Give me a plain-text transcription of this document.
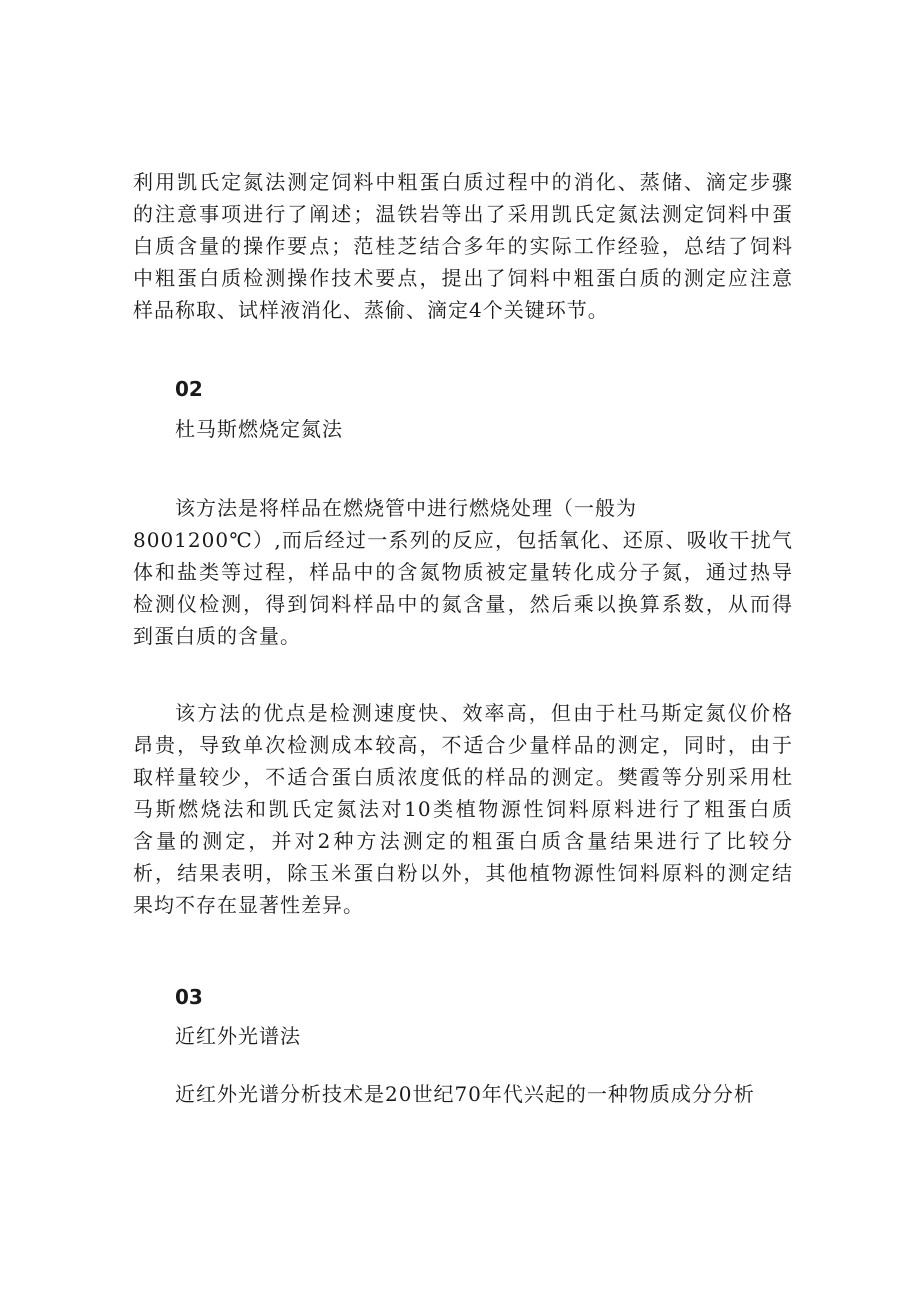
利用凯氏定氮法测定饲料中粗蛋白质过程中的消化、蒸储、滴定步骤
的注意事项进行了阐述；温铁岩等出了采用凯氏定氮法测定饲料中蛋
白质含量的操作要点；范桂芝结合多年的实际工作经验，总结了饲料
中粗蛋白质检测操作技术要点，提出了饲料中粗蛋白质的测定应注意
样品称取、试样液消化、蒸偷、滴定4个关键环节。
02
杜马斯燃烧定氮法
该方法是将样品在燃烧管中进行燃烧处理（一般为
8001200℃）,而后经过一系列的反应，包括氧化、还原、吸收干扰气
体和盐类等过程，样品中的含氮物质被定量转化成分子氮，通过热导
检测仪检测，得到饲料样品中的氮含量，然后乘以换算系数，从而得
到蛋白质的含量。
该方法的优点是检测速度快、效率高，但由于杜马斯定氮仪价格
昂贵，导致单次检测成本较高，不适合少量样品的测定，同时，由于
取样量较少，不适合蛋白质浓度低的样品的测定。樊霞等分别采用杜
马斯燃烧法和凯氏定氮法对10类植物源性饲料原料进行了粗蛋白质
含量的测定，并对2种方法测定的粗蛋白质含量结果进行了比较分
析，结果表明，除玉米蛋白粉以外，其他植物源性饲料原料的测定结
果均不存在显著性差异。
03
近红外光谱法
近红外光谱分析技术是20世纪70年代兴起的一种物质成分分析
